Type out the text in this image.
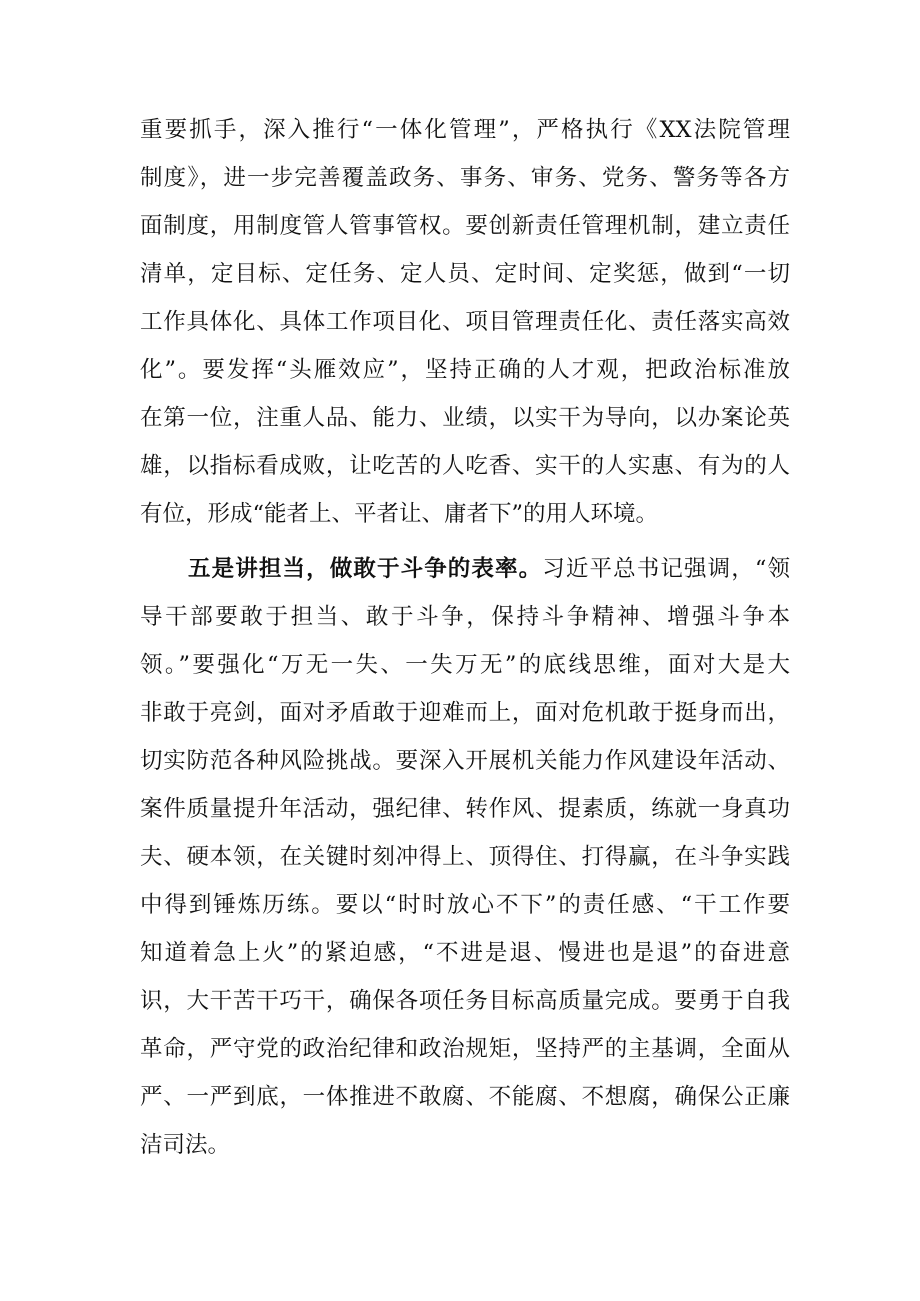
重要抓手，深入推行“一体化管理”，严格执行《XX法院管理
制度》，进一步完善覆盖政务、事务、审务、党务、警务等各方
面制度，用制度管人管事管权。要创新责任管理机制，建立责任
清单，定目标、定任务、定人员、定时间、定奖惩，做到“一切
工作具体化、具体工作项目化、项目管理责任化、责任落实高效
化”。要发挥“头雁效应”，坚持正确的人才观，把政治标准放
在第一位，注重人品、能力、业绩，以实干为导向，以办案论英
雄，以指标看成败，让吃苦的人吃香、实干的人实惠、有为的人
有位，形成“能者上、平者让、庸者下”的用人环境。
五是讲担当，做敢于斗争的表率。习近平总书记强调，“领
导干部要敢于担当、敢于斗争，保持斗争精神、增强斗争本
领。”要强化“万无一失、一失万无”的底线思维，面对大是大
非敢于亮剑，面对矛盾敢于迎难而上，面对危机敢于挺身而出，
切实防范各种风险挑战。要深入开展机关能力作风建设年活动、
案件质量提升年活动，强纪律、转作风、提素质，练就一身真功
夫、硬本领，在关键时刻冲得上、顶得住、打得赢，在斗争实践
中得到锤炼历练。要以“时时放心不下”的责任感、“干工作要
知道着急上火”的紧迫感，“不进是退、慢进也是退”的奋进意
识，大干苦干巧干，确保各项任务目标高质量完成。要勇于自我
革命，严守党的政治纪律和政治规矩，坚持严的主基调，全面从
严、一严到底，一体推进不敢腐、不能腐、不想腐，确保公正廉
洁司法。
